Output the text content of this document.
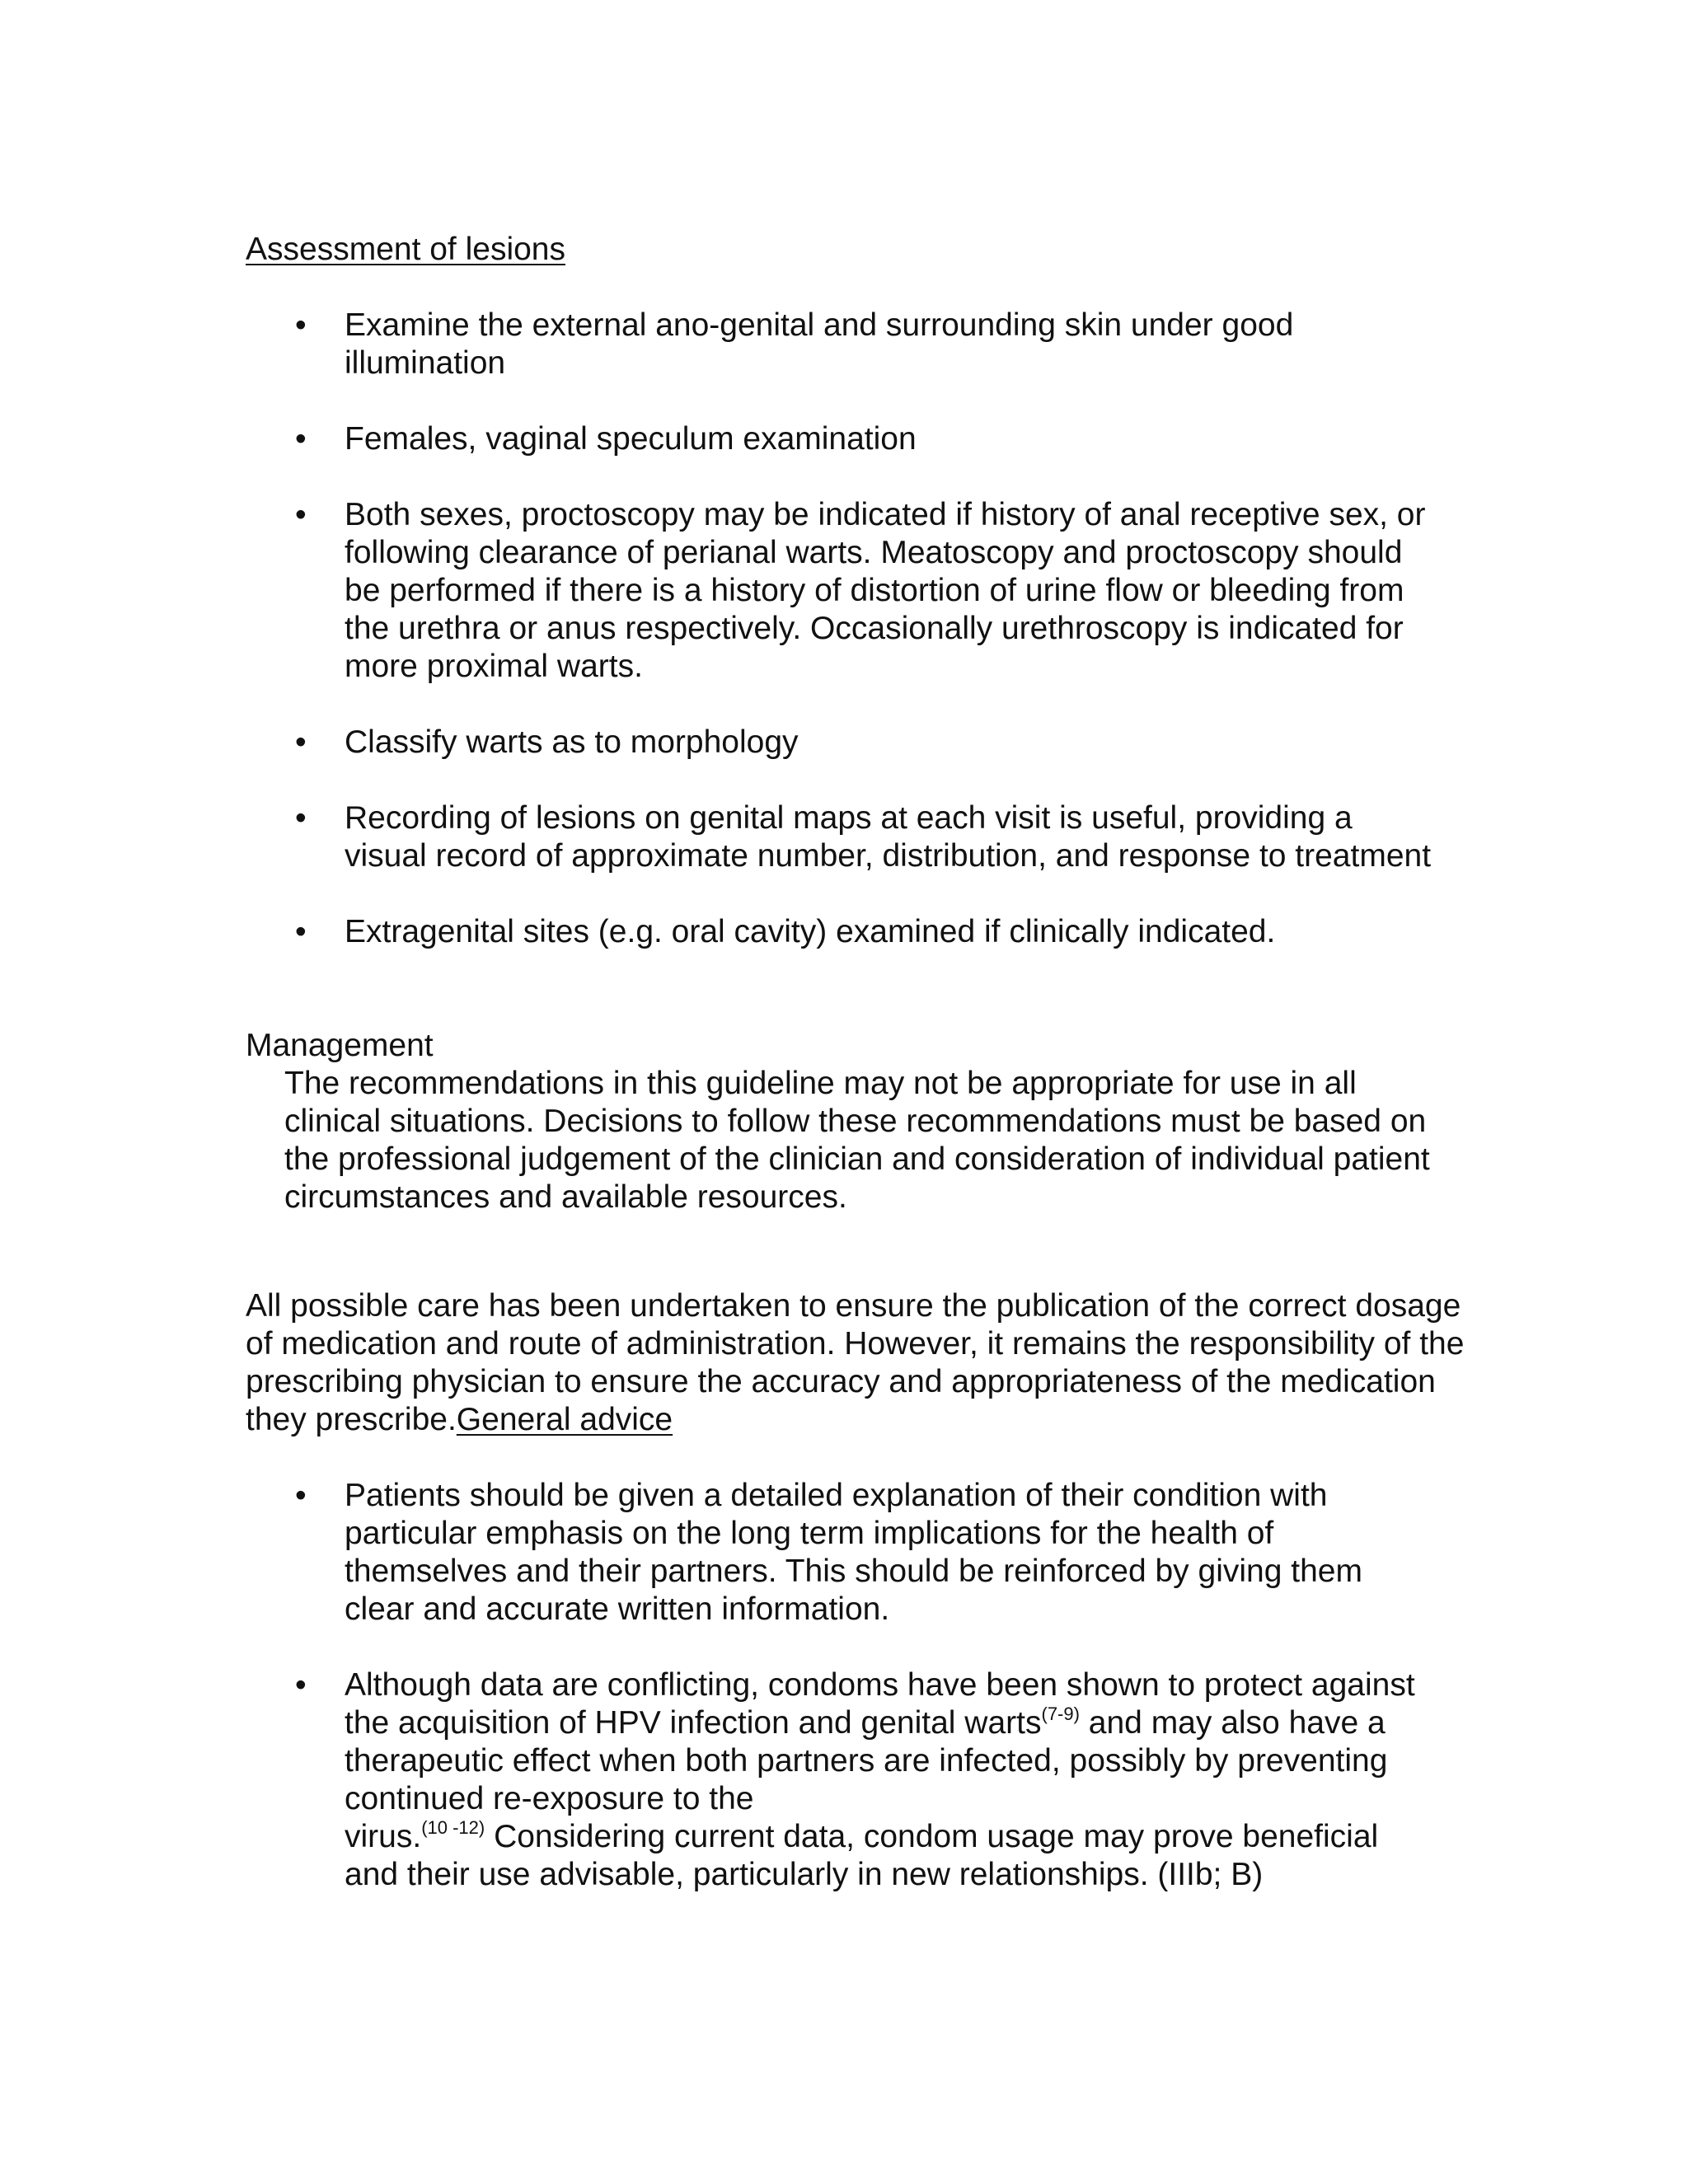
Assessment of lesions

• Examine the external ano-genital and surrounding skin under good illumination
• Females, vaginal speculum examination
• Both sexes, proctoscopy may be indicated if history of anal receptive sex, or following clearance of perianal warts. Meatoscopy and proctoscopy should be performed if there is a history of distortion of urine flow or bleeding from the urethra or anus respectively. Occasionally urethroscopy is indicated for more proximal warts.
• Classify warts as to morphology
• Recording of lesions on genital maps at each visit is useful, providing a visual record of approximate number, distribution, and response to treatment
• Extragenital sites (e.g. oral cavity) examined if clinically indicated.

Management

The recommendations in this guideline may not be appropriate for use in all clinical situations. Decisions to follow these recommendations must be based on the professional judgement of the clinician and consideration of individual patient circumstances and available resources.

All possible care has been undertaken to ensure the publication of the correct dosage of medication and route of administration. However, it remains the responsibility of the prescribing physician to ensure the accuracy and appropriateness of the medication they prescribe.General advice

• Patients should be given a detailed explanation of their condition with particular emphasis on the long term implications for the health of themselves and their partners. This should be reinforced by giving them clear and accurate written information.
• Although data are conflicting, condoms have been shown to protect against the acquisition of HPV infection and genital warts$^{(7-9)}$ and may also have a therapeutic effect when both partners are infected, possibly by preventing continued re-exposure to the
virus.$^{(10 -12)}$ Considering current data, condom usage may prove beneficial and their use advisable, particularly in new relationships. (IIIb; B)
